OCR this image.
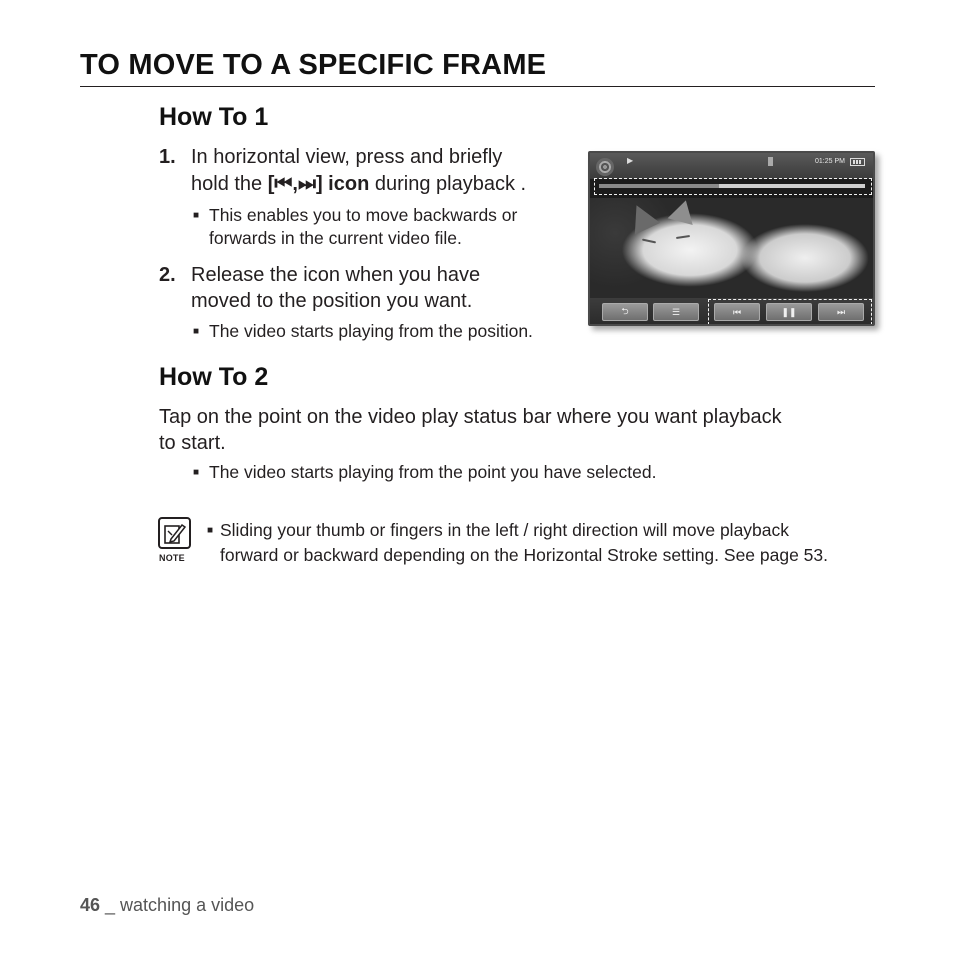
TO MOVE TO A SPECIFIC FRAME
How To 1
1. In horizontal view, press and briefly
hold the [⏮,⏭] icon during playback .
■ This enables you to move backwards or
forwards in the current video file.
2. Release the icon when you have
moved to the position you want.
■ The video starts playing from the position.
▶	01:25 PM
⮌	☰	⏮	❚❚	⏭
How To 2
Tap on the point on the video play status bar where you want playback
to start.
■ The video starts playing from the point you have selected.
NOTE
■ Sliding your thumb or fingers in the left / right direction will move playback
forward or backward depending on the Horizontal Stroke setting. See page 53.
46 _ watching a video
